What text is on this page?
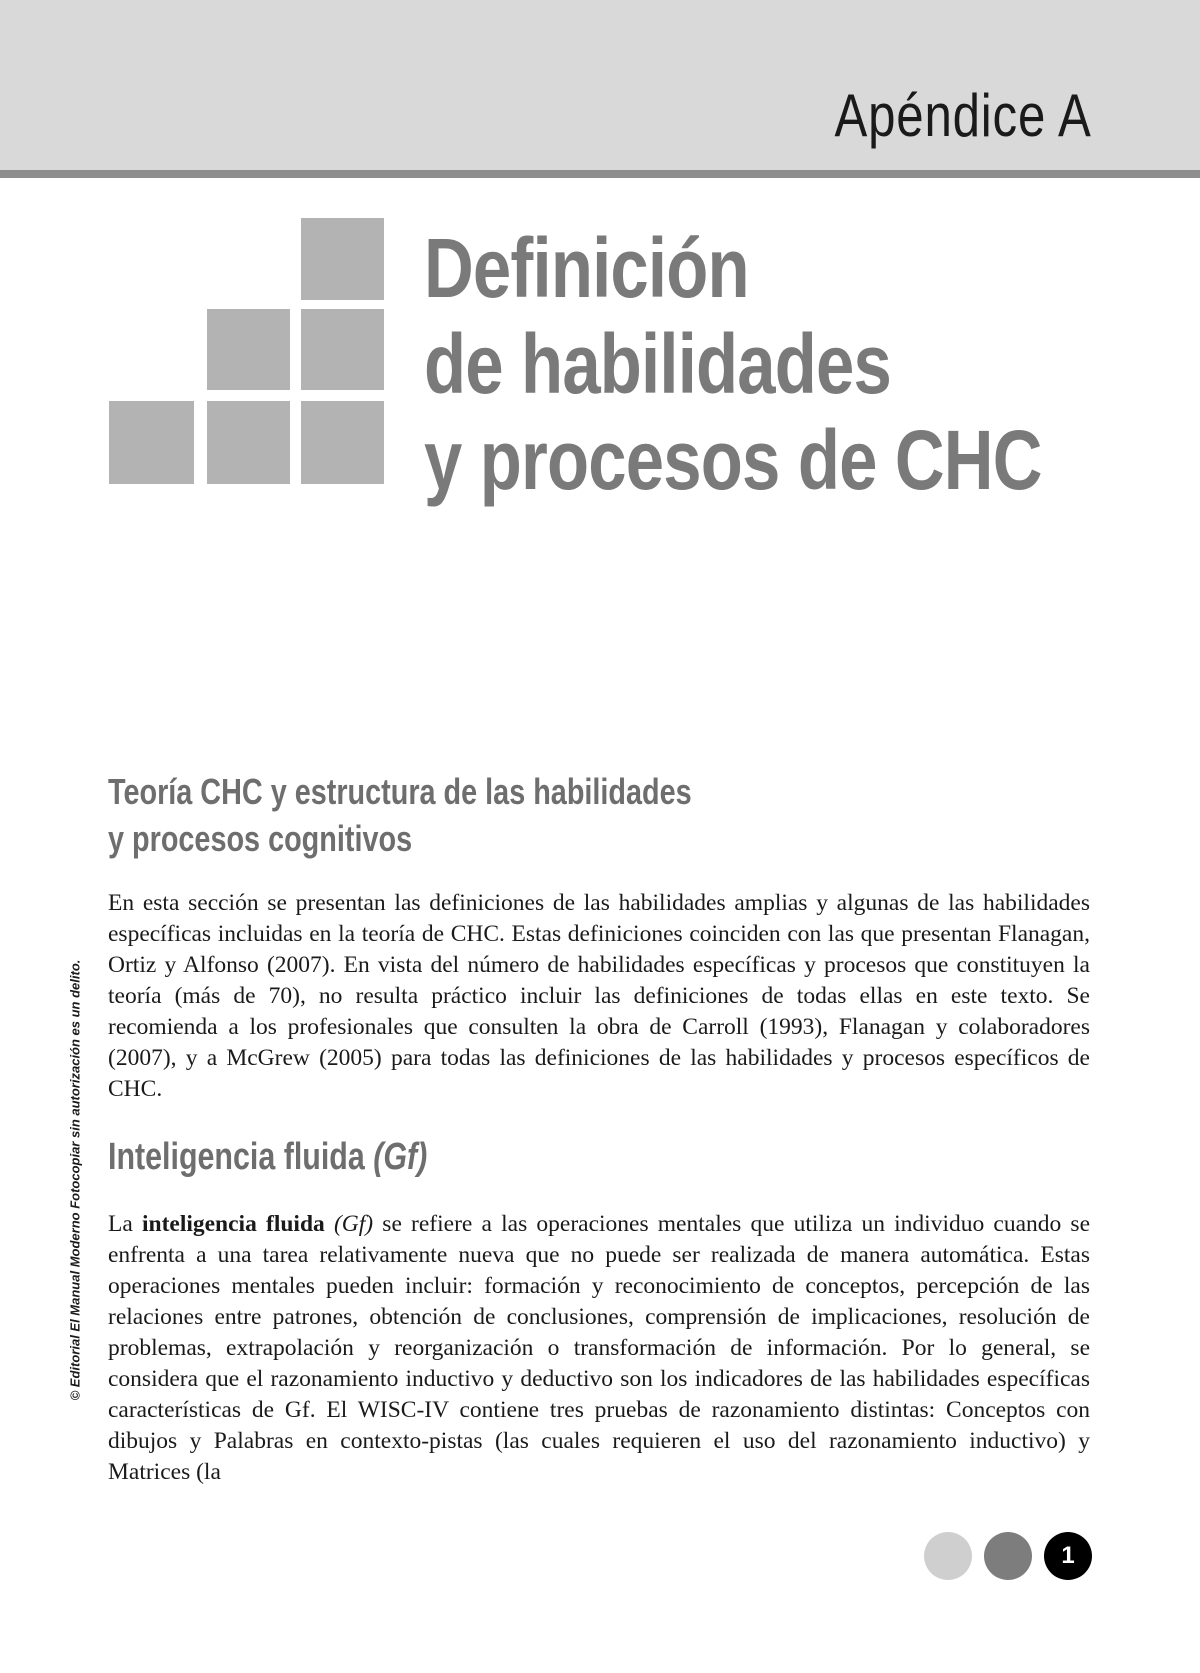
Apéndice A
Definición
de habilidades
y procesos de CHC
Teoría CHC y estructura de las habilidades
y procesos cognitivos

En esta sección se presentan las definiciones de las habilidades amplias y algunas de las habilidades específicas incluidas en la teoría de CHC. Estas definiciones coinciden con las que presentan Flanagan, Ortiz y Alfonso (2007). En vista del número de habilidades específicas y procesos que constituyen la teoría (más de 70), no resulta práctico incluir las definiciones de todas ellas en este texto. Se recomienda a los profesionales que consulten la obra de Carroll (1993), Flanagan y colaboradores (2007), y a McGrew (2005) para todas las definiciones de las habilidades y procesos específicos de CHC.

Inteligencia fluida (Gf)

La inteligencia fluida (Gf) se refiere a las operaciones mentales que utiliza un individuo cuando se enfrenta a una tarea relativamente nueva que no puede ser realizada de manera automática. Estas operaciones mentales pueden incluir: formación y reconocimiento de conceptos, percepción de las relaciones entre patrones, obtención de conclusiones, comprensión de implicaciones, resolución de problemas, extrapolación y reorganización o transformación de información. Por lo general, se considera que el razonamiento inductivo y deductivo son los indicadores de las habilidades específicas características de Gf. El WISC-IV contiene tres pruebas de razonamiento distintas: Conceptos con dibujos y Palabras en contexto-pistas (las cuales requieren el uso del razonamiento inductivo) y Matrices (la

© Editorial El Manual Moderno Fotocopiar sin autorización es un delito.
1
